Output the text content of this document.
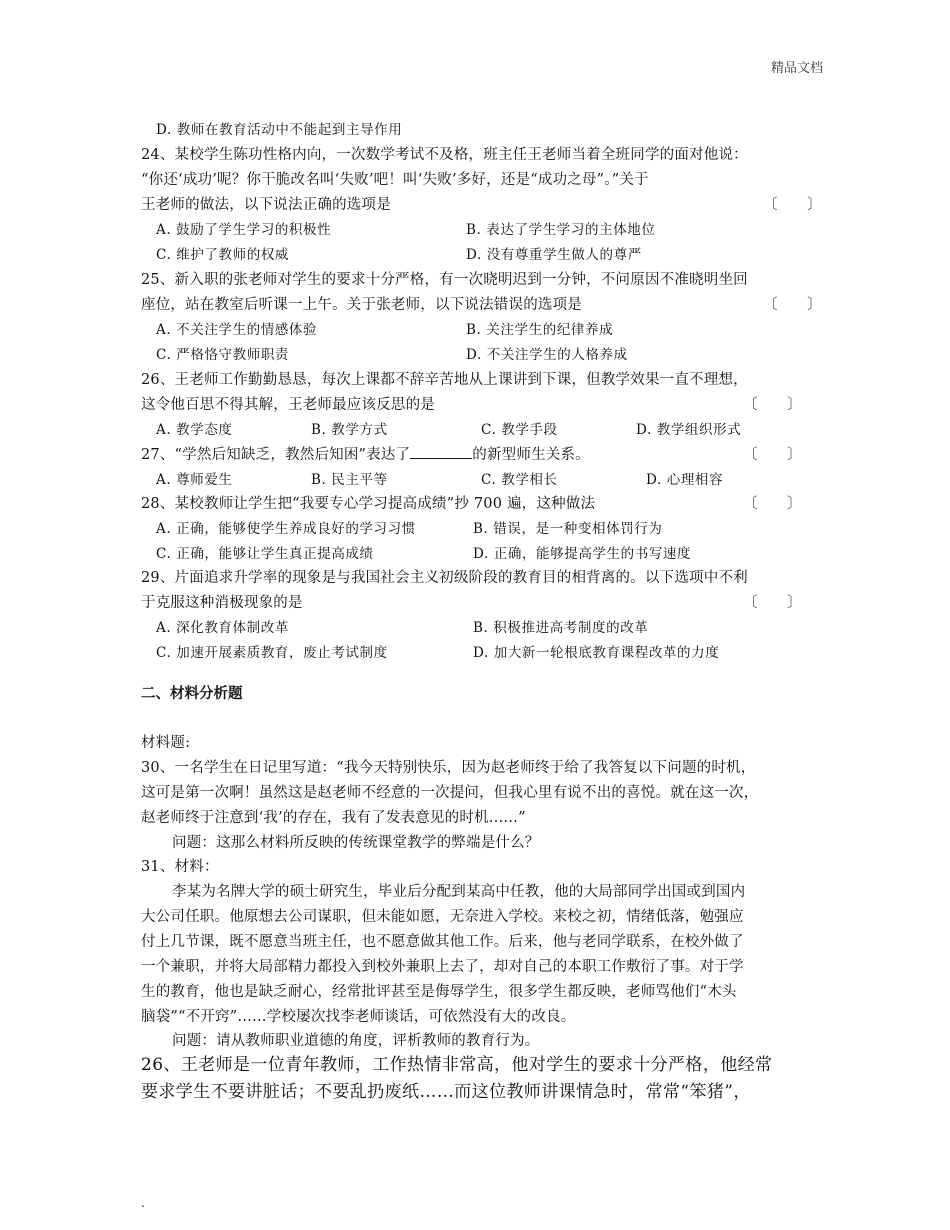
精品文档
D. 教师在教育活动中不能起到主导作用
24、某校学生陈功性格内向，一次数学考试不及格，班主任王老师当着全班同学的面对他说：
“你还‘成功’呢？你干脆改名叫‘失败’吧！叫‘失败’多好，还是“成功之母”。”关于
王老师的做法，以下说法正确的选项是	〔　　〕
A. 鼓励了学生学习的积极性	B. 表达了学生学习的主体地位
C. 维护了教师的权威	D. 没有尊重学生做人的尊严
25、新入职的张老师对学生的要求十分严格，有一次晓明迟到一分钟，不问原因不准晓明坐回
座位，站在教室后听课一上午。关于张老师，以下说法错误的选项是	〔　　〕
A. 不关注学生的情感体验	B. 关注学生的纪律养成
C. 严格恪守教师职责	D. 不关注学生的人格养成
26、王老师工作勤勤恳恳，每次上课都不辞辛苦地从上课讲到下课，但教学效果一直不理想，
这令他百思不得其解，王老师最应该反思的是	〔　　〕
A. 教学态度	B. 教学方式	C. 教学手段	D. 教学组织形式
27、“学然后知缺乏，教然后知困”表达了	的新型师生关系。	〔　　〕
A. 尊师爱生	B. 民主平等	C. 教学相长	D. 心理相容
28、某校教师让学生把“我要专心学习提高成绩”抄 700 遍，这种做法	〔　　〕
A. 正确，能够使学生养成良好的学习习惯	B. 错误，是一种变相体罚行为
C. 正确，能够让学生真正提高成绩	D. 正确，能够提高学生的书写速度
29、片面追求升学率的现象是与我国社会主义初级阶段的教育目的相背离的。以下选项中不利
于克服这种消极现象的是	〔　　〕
A. 深化教育体制改革	B. 积极推进高考制度的改革
C. 加速开展素质教育，废止考试制度	D. 加大新一轮根底教育课程改革的力度
二、材料分析题
材料题:
30、一名学生在日记里写道：“我今天特别快乐，因为赵老师终于给了我答复以下问题的时机，
这可是第一次啊！虽然这是赵老师不经意的一次提问，但我心里有说不出的喜悦。就在这一次，
赵老师终于注意到‘我’的存在，我有了发表意见的时机……”
问题：这那么材料所反映的传统课堂教学的弊端是什么？
31、材料：
李某为名牌大学的硕士研究生，毕业后分配到某高中任教，他的大局部同学出国或到国内
大公司任职。他原想去公司谋职，但未能如愿，无奈进入学校。来校之初，情绪低落，勉强应
付上几节课，既不愿意当班主任，也不愿意做其他工作。后来，他与老同学联系，在校外做了
一个兼职，并将大局部精力都投入到校外兼职上去了，却对自己的本职工作敷衍了事。对于学
生的教育，他也是缺乏耐心，经常批评甚至是侮辱学生，很多学生都反映，老师骂他们“木头
脑袋”“不开窍”……学校屡次找李老师谈话，可依然没有大的改良。
问题：请从教师职业道德的角度，评析教师的教育行为。
26、王老师是一位青年教师，工作热情非常高，他对学生的要求十分严格，他经常
要求学生不要讲脏话；不要乱扔废纸……而这位教师讲课情急时，常常“笨猪”，
.
